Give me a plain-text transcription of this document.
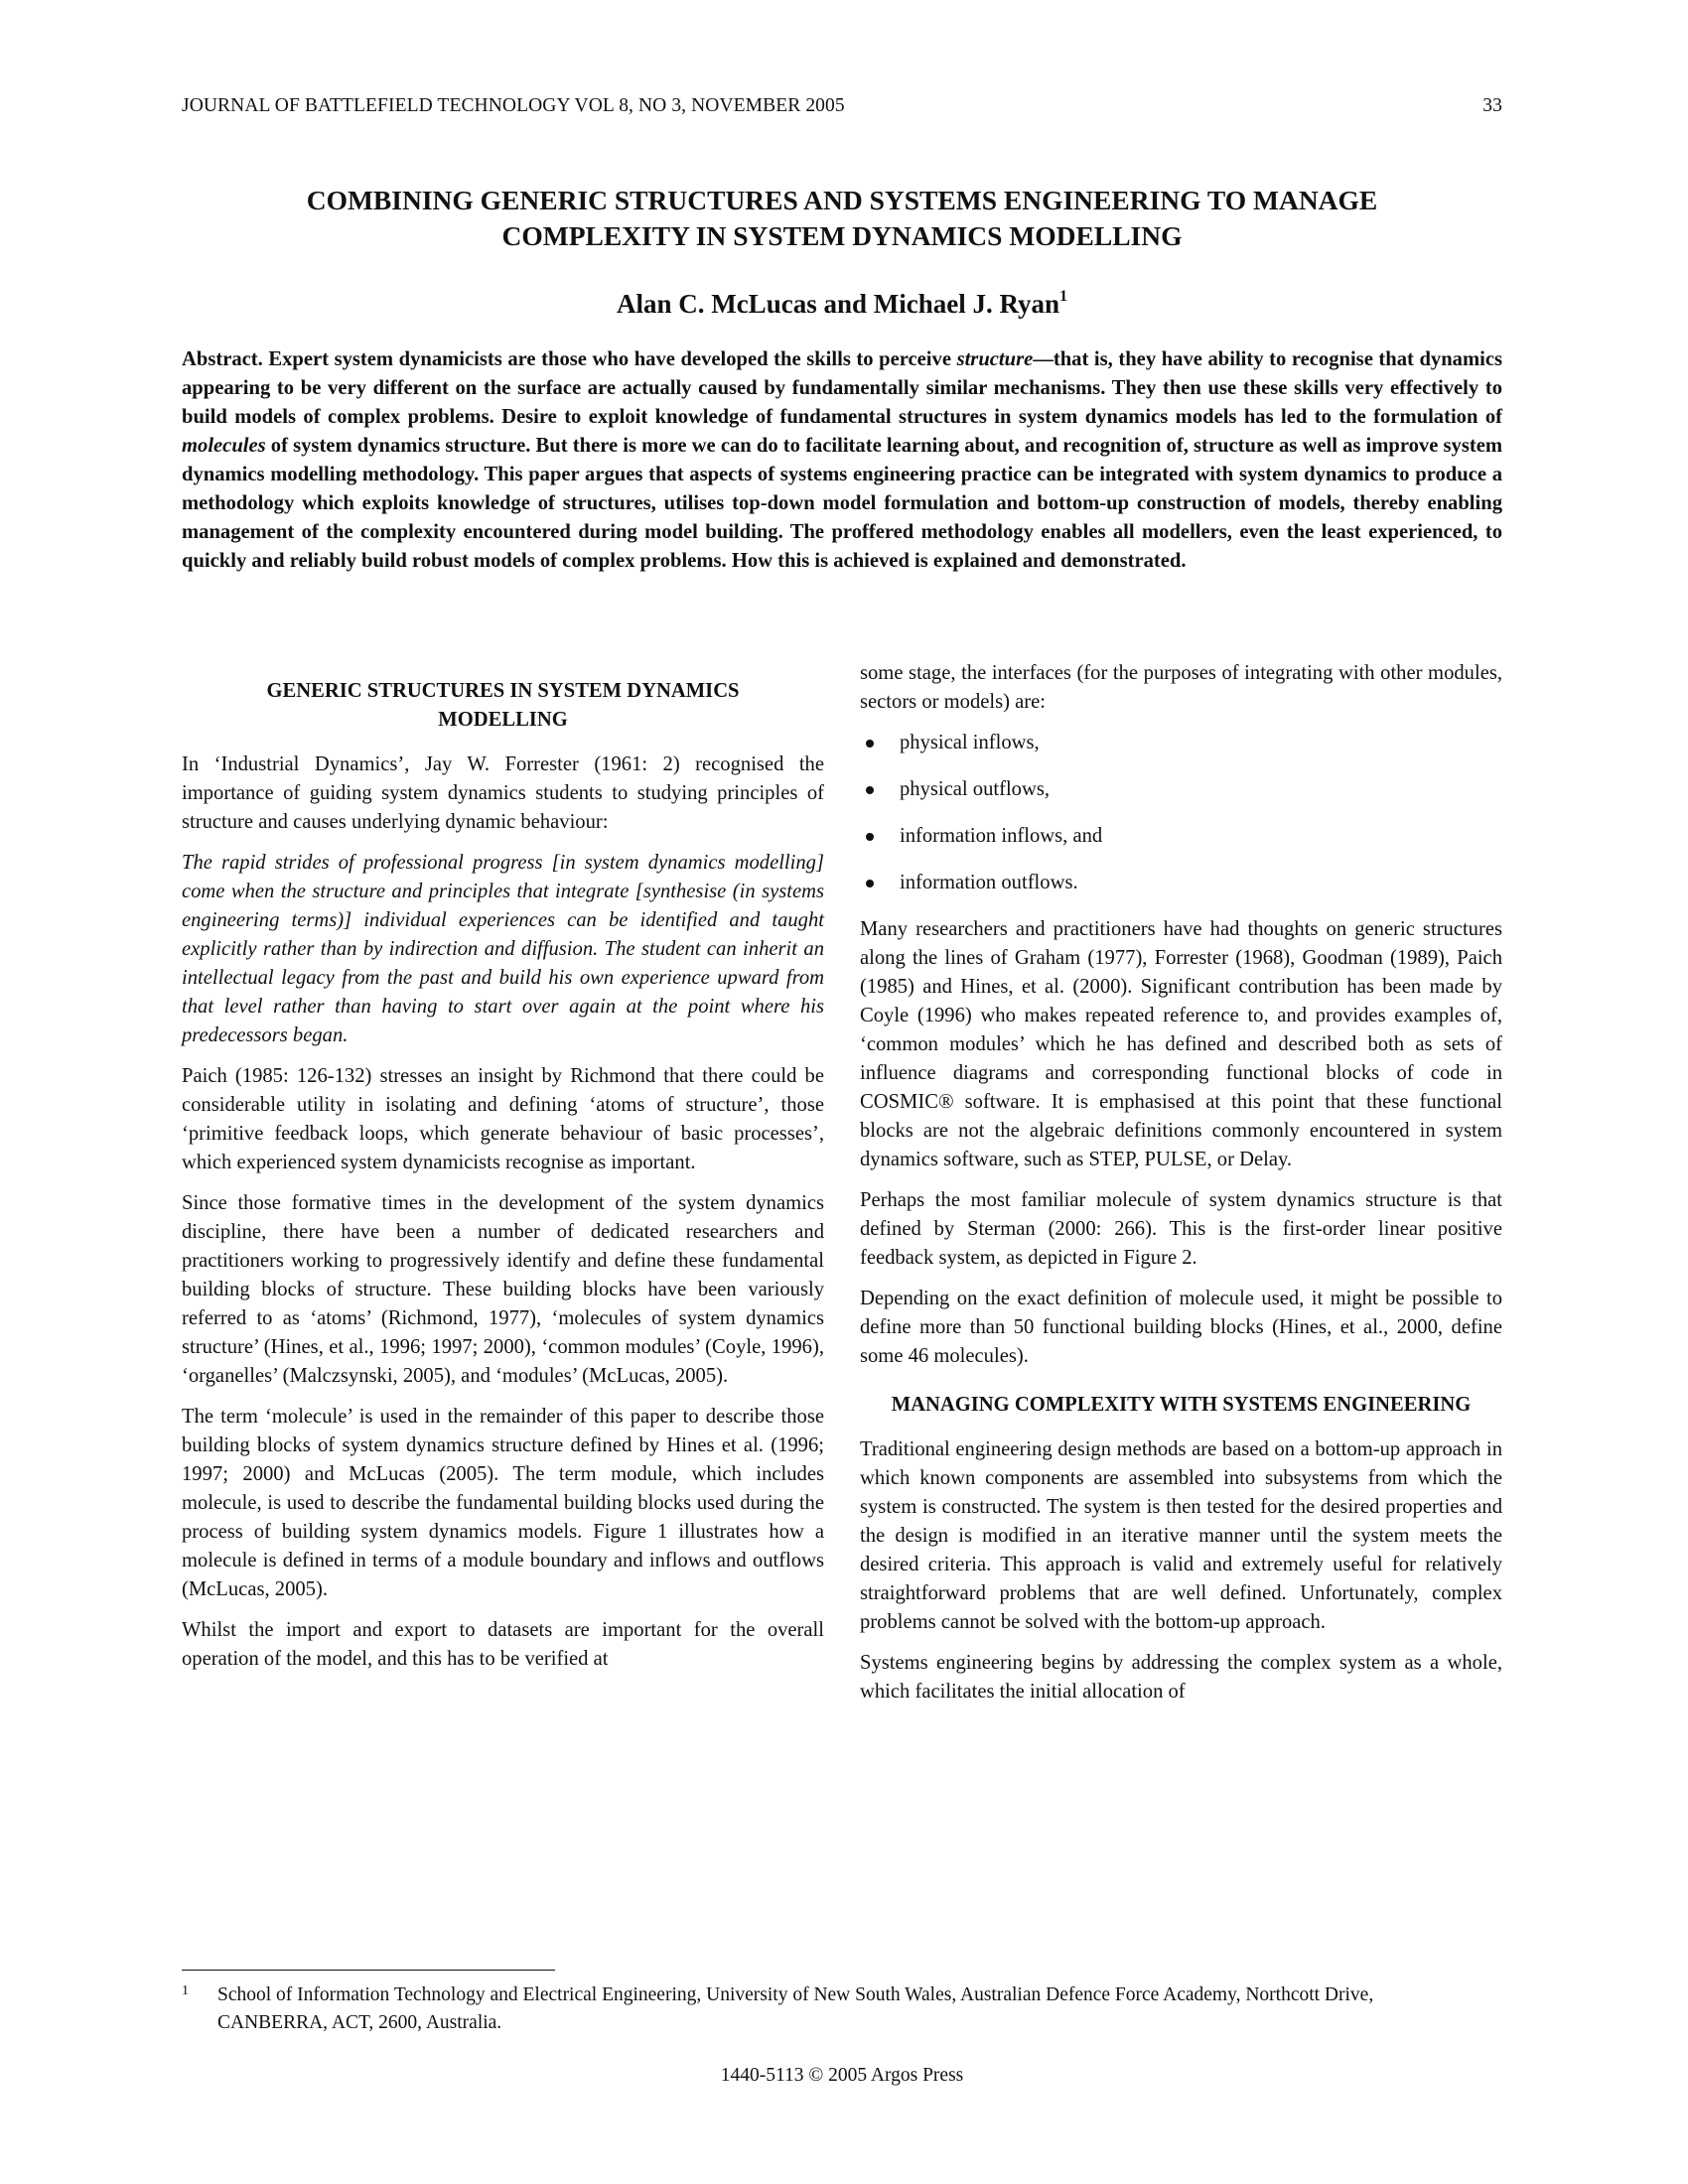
JOURNAL OF BATTLEFIELD TECHNOLOGY VOL 8, NO 3, NOVEMBER 2005	33
COMBINING GENERIC STRUCTURES AND SYSTEMS ENGINEERING TO MANAGE
COMPLEXITY IN SYSTEM DYNAMICS MODELLING
Alan C. McLucas and Michael J. Ryan$^1$
Abstract. Expert system dynamicists are those who have developed the skills to perceive structure—that is, they have ability to recognise that dynamics appearing to be very different on the surface are actually caused by fundamentally similar mechanisms. They then use these skills very effectively to build models of complex problems. Desire to exploit knowledge of fundamental structures in system dynamics models has led to the formulation of molecules of system dynamics structure. But there is more we can do to facilitate learning about, and recognition of, structure as well as improve system dynamics modelling methodology. This paper argues that aspects of systems engineering practice can be integrated with system dynamics to produce a methodology which exploits knowledge of structures, utilises top-down model formulation and bottom-up construction of models, thereby enabling management of the complexity encountered during model building. The proffered methodology enables all modellers, even the least experienced, to quickly and reliably build robust models of complex problems. How this is achieved is explained and demonstrated.
GENERIC STRUCTURES IN SYSTEM DYNAMICS MODELLING

In ‘Industrial Dynamics’, Jay W. Forrester (1961: 2) recognised the importance of guiding system dynamics students to studying principles of structure and causes underlying dynamic behaviour:

The rapid strides of professional progress [in system dynamics modelling] come when the structure and principles that integrate [synthesise (in systems engineering terms)] individual experiences can be identified and taught explicitly rather than by indirection and diffusion. The student can inherit an intellectual legacy from the past and build his own experience upward from that level rather than having to start over again at the point where his predecessors began.

Paich (1985: 126-132) stresses an insight by Richmond that there could be considerable utility in isolating and defining ‘atoms of structure’, those ‘primitive feedback loops, which generate behaviour of basic processes’, which experienced system dynamicists recognise as important.

Since those formative times in the development of the system dynamics discipline, there have been a number of dedicated researchers and practitioners working to progressively identify and define these fundamental building blocks of structure. These building blocks have been variously referred to as ‘atoms’ (Richmond, 1977), ‘molecules of system dynamics structure’ (Hines, et al., 1996; 1997; 2000), ‘common modules’ (Coyle, 1996), ‘organelles’ (Malczsynski, 2005), and ‘modules’ (McLucas, 2005).

The term ‘molecule’ is used in the remainder of this paper to describe those building blocks of system dynamics structure defined by Hines et al. (1996; 1997; 2000) and McLucas (2005). The term module, which includes molecule, is used to describe the fundamental building blocks used during the process of building system dynamics models. Figure 1 illustrates how a molecule is defined in terms of a module boundary and inflows and outflows (McLucas, 2005).

Whilst the import and export to datasets are important for the overall operation of the model, and this has to be verified at

some stage, the interfaces (for the purposes of integrating with other modules, sectors or models) are:

physical inflows,
physical outflows,
information inflows, and
information outflows.

Many researchers and practitioners have had thoughts on generic structures along the lines of Graham (1977), Forrester (1968), Goodman (1989), Paich (1985) and Hines, et al. (2000). Significant contribution has been made by Coyle (1996) who makes repeated reference to, and provides examples of, ‘common modules’ which he has defined and described both as sets of influence diagrams and corresponding functional blocks of code in COSMIC® software. It is emphasised at this point that these functional blocks are not the algebraic definitions commonly encountered in system dynamics software, such as STEP, PULSE, or Delay.

Perhaps the most familiar molecule of system dynamics structure is that defined by Sterman (2000: 266). This is the first-order linear positive feedback system, as depicted in Figure 2.

Depending on the exact definition of molecule used, it might be possible to define more than 50 functional building blocks (Hines, et al., 2000, define some 46 molecules).

MANAGING COMPLEXITY WITH SYSTEMS ENGINEERING

Traditional engineering design methods are based on a bottom-up approach in which known components are assembled into subsystems from which the system is constructed. The system is then tested for the desired properties and the design is modified in an iterative manner until the system meets the desired criteria. This approach is valid and extremely useful for relatively straightforward problems that are well defined. Unfortunately, complex problems cannot be solved with the bottom-up approach.

Systems engineering begins by addressing the complex system as a whole, which facilitates the initial allocation of

1 School of Information Technology and Electrical Engineering, University of New South Wales, Australian Defence Force Academy, Northcott Drive, CANBERRA, ACT, 2600, Australia.
1440-5113 © 2005 Argos Press
